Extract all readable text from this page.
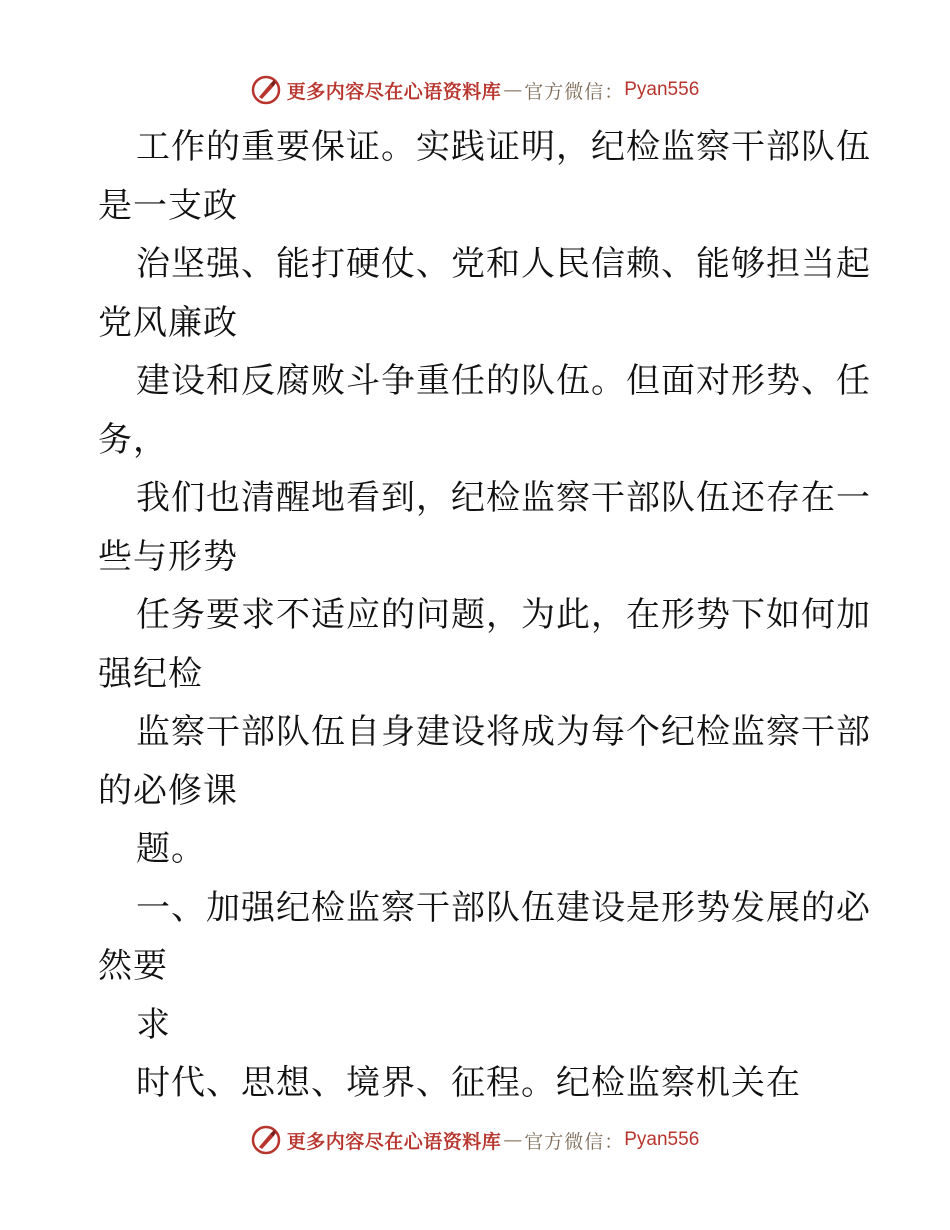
更多内容尽在心语资料库 — 官方微信： Pyan556
工作的重要保证。实践证明，纪检监察干部队伍
是一支政
治坚强、能打硬仗、党和人民信赖、能够担当起
党风廉政
建设和反腐败斗争重任的队伍。但面对形势、任
务，
我们也清醒地看到，纪检监察干部队伍还存在一
些与形势
任务要求不适应的问题，为此，在形势下如何加
强纪检
监察干部队伍自身建设将成为每个纪检监察干部
的必修课
题。
一、加强纪检监察干部队伍建设是形势发展的必
然要
求
时代、思想、境界、征程。纪检监察机关在
更多内容尽在心语资料库 — 官方微信： Pyan556
